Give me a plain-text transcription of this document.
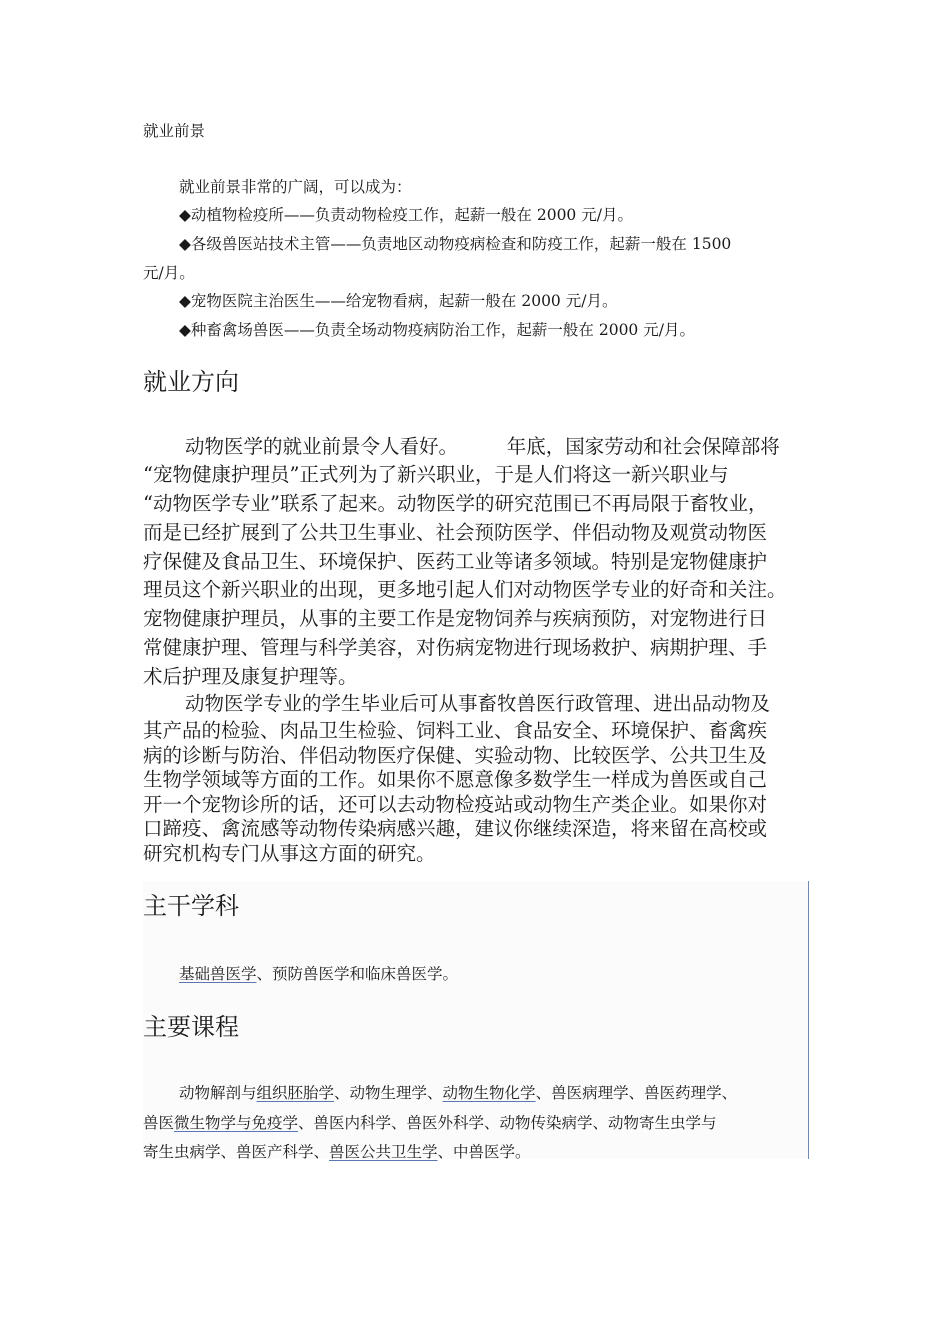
就业前景
就业前景非常的广阔，可以成为：
◆动植物检疫所——负责动物检疫工作，起薪一般在 2000 元/月。
◆各级兽医站技术主管——负责地区动物疫病检查和防疫工作，起薪一般在 1500
元/月。
◆宠物医院主治医生——给宠物看病，起薪一般在 2000 元/月。
◆种畜禽场兽医——负责全场动物疫病防治工作，起薪一般在 2000 元/月。
就业方向
动物医学的就业前景令人看好。　　　年底，国家劳动和社会保障部将
“宠物健康护理员”正式列为了新兴职业，于是人们将这一新兴职业与
“动物医学专业”联系了起来。动物医学的研究范围已不再局限于畜牧业，
而是已经扩展到了公共卫生事业、社会预防医学、伴侣动物及观赏动物医
疗保健及食品卫生、环境保护、医药工业等诸多领域。特别是宠物健康护
理员这个新兴职业的出现，更多地引起人们对动物医学专业的好奇和关注。
宠物健康护理员，从事的主要工作是宠物饲养与疾病预防，对宠物进行日
常健康护理、管理与科学美容，对伤病宠物进行现场救护、病期护理、手
术后护理及康复护理等。
动物医学专业的学生毕业后可从事畜牧兽医行政管理、进出品动物及
其产品的检验、肉品卫生检验、饲料工业、食品安全、环境保护、畜禽疾
病的诊断与防治、伴侣动物医疗保健、实验动物、比较医学、公共卫生及
生物学领域等方面的工作。如果你不愿意像多数学生一样成为兽医或自己
开一个宠物诊所的话，还可以去动物检疫站或动物生产类企业。如果你对
口蹄疫、禽流感等动物传染病感兴趣，建议你继续深造，将来留在高校或
研究机构专门从事这方面的研究。
主干学科
基础兽医学、预防兽医学和临床兽医学。
主要课程
动物解剖与组织胚胎学、动物生理学、动物生物化学、兽医病理学、兽医药理学、
兽医微生物学与免疫学、兽医内科学、兽医外科学、动物传染病学、动物寄生虫学与
寄生虫病学、兽医产科学、兽医公共卫生学、中兽医学。
